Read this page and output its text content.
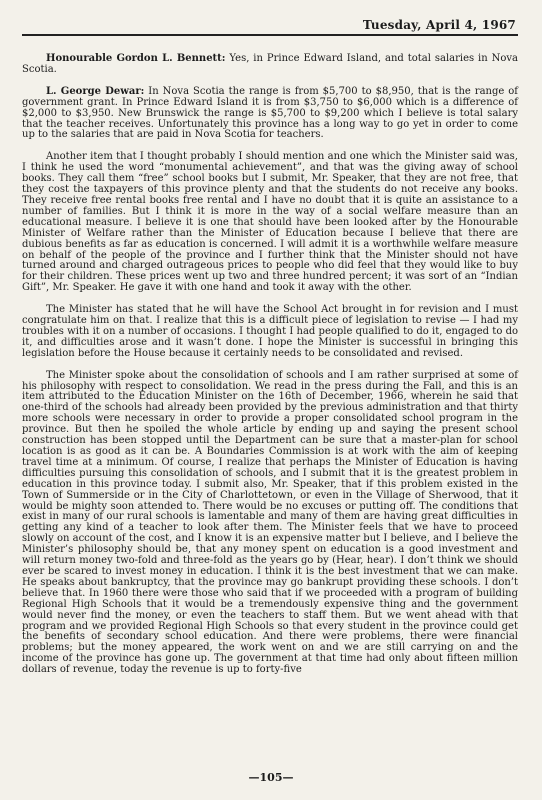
Tuesday, April 4, 1967

Honourable Gordon L. Bennett: Yes, in Prince Edward Island, and total salaries in Nova Scotia.

L. George Dewar: In Nova Scotia the range is from $5,700 to $8,950, that is the range of government grant. In Prince Edward Island it is from $3,750 to $6,000 which is a difference of $2,000 to $3,950. New Brunswick the range is $5,700 to $9,200 which I believe is total salary that the teacher receives. Unfortunately this province has a long way to go yet in order to come up to the salaries that are paid in Nova Scotia for teachers.

Another item that I thought probably I should mention and one which the Minister said was, I think he used the word “monumental achievement”, and that was the giving away of school books. They call them “free” school books but I submit, Mr. Speaker, that they are not free, that they cost the taxpayers of this province plenty and that the students do not receive any books. They receive free rental books free rental and I have no doubt that it is quite an assistance to a number of families. But I think it is more in the way of a social welfare measure than an educational measure. I believe it is one that should have been looked after by the Honourable Minister of Welfare rather than the Minister of Education because I believe that there are dubious benefits as far as education is concerned. I will admit it is a worthwhile welfare measure on behalf of the people of the province and I further think that the Minister should not have turned around and charged outrageous prices to people who did feel that they would like to buy for their children. These prices went up two and three hundred percent; it was sort of an “Indian Gift”, Mr. Speaker. He gave it with one hand and took it away with the other.

The Minister has stated that he will have the School Act brought in for revision and I must congratulate him on that. I realize that this is a difficult piece of legislation to revise — I had my troubles with it on a number of occasions. I thought I had people qualified to do it, engaged to do it, and difficulties arose and it wasn’t done. I hope the Minister is successful in bringing this legislation before the House because it certainly needs to be consolidated and revised.

The Minister spoke about the consolidation of schools and I am rather surprised at some of his philosophy with respect to consolidation. We read in the press during the Fall, and this is an item attributed to the Education Minister on the 16th of December, 1966, wherein he said that one-third of the schools had already been provided by the previous administration and that thirty more schools were necessary in order to provide a proper consolidated school program in the province. But then he spoiled the whole article by ending up and saying the present school construction has been stopped until the Department can be sure that a master-plan for school location is as good as it can be. A Boundaries Commission is at work with the aim of keeping travel time at a minimum. Of course, I realize that perhaps the Minister of Education is having difficulties pursuing this consolidation of schools, and I submit that it is the greatest problem in education in this province today. I submit also, Mr. Speaker, that if this problem existed in the Town of Summerside or in the City of Charlottetown, or even in the Village of Sherwood, that it would be mighty soon attended to. There would be no excuses or putting off. The conditions that exist in many of our rural schools is lamentable and many of them are having great difficulties in getting any kind of a teacher to look after them. The Minister feels that we have to proceed slowly on account of the cost, and I know it is an expensive matter but I believe, and I believe the Minister’s philosophy should be, that any money spent on education is a good investment and will return money two-fold and three-fold as the years go by (Hear, hear). I don’t think we should ever be scared to invest money in education. I think it is the best investment that we can make. He speaks about bankruptcy, that the province may go bankrupt providing these schools. I don’t believe that. In 1960 there were those who said that if we proceeded with a program of building Regional High Schools that it would be a tremendously expensive thing and the government would never find the money, or even the teachers to staff them. But we went ahead with that program and we provided Regional High Schools so that every student in the province could get the benefits of secondary school education. And there were problems, there were financial problems; but the money appeared, the work went on and we are still carrying on and the income of the province has gone up. The government at that time had only about fifteen million dollars of revenue, today the revenue is up to forty-five

—105—
